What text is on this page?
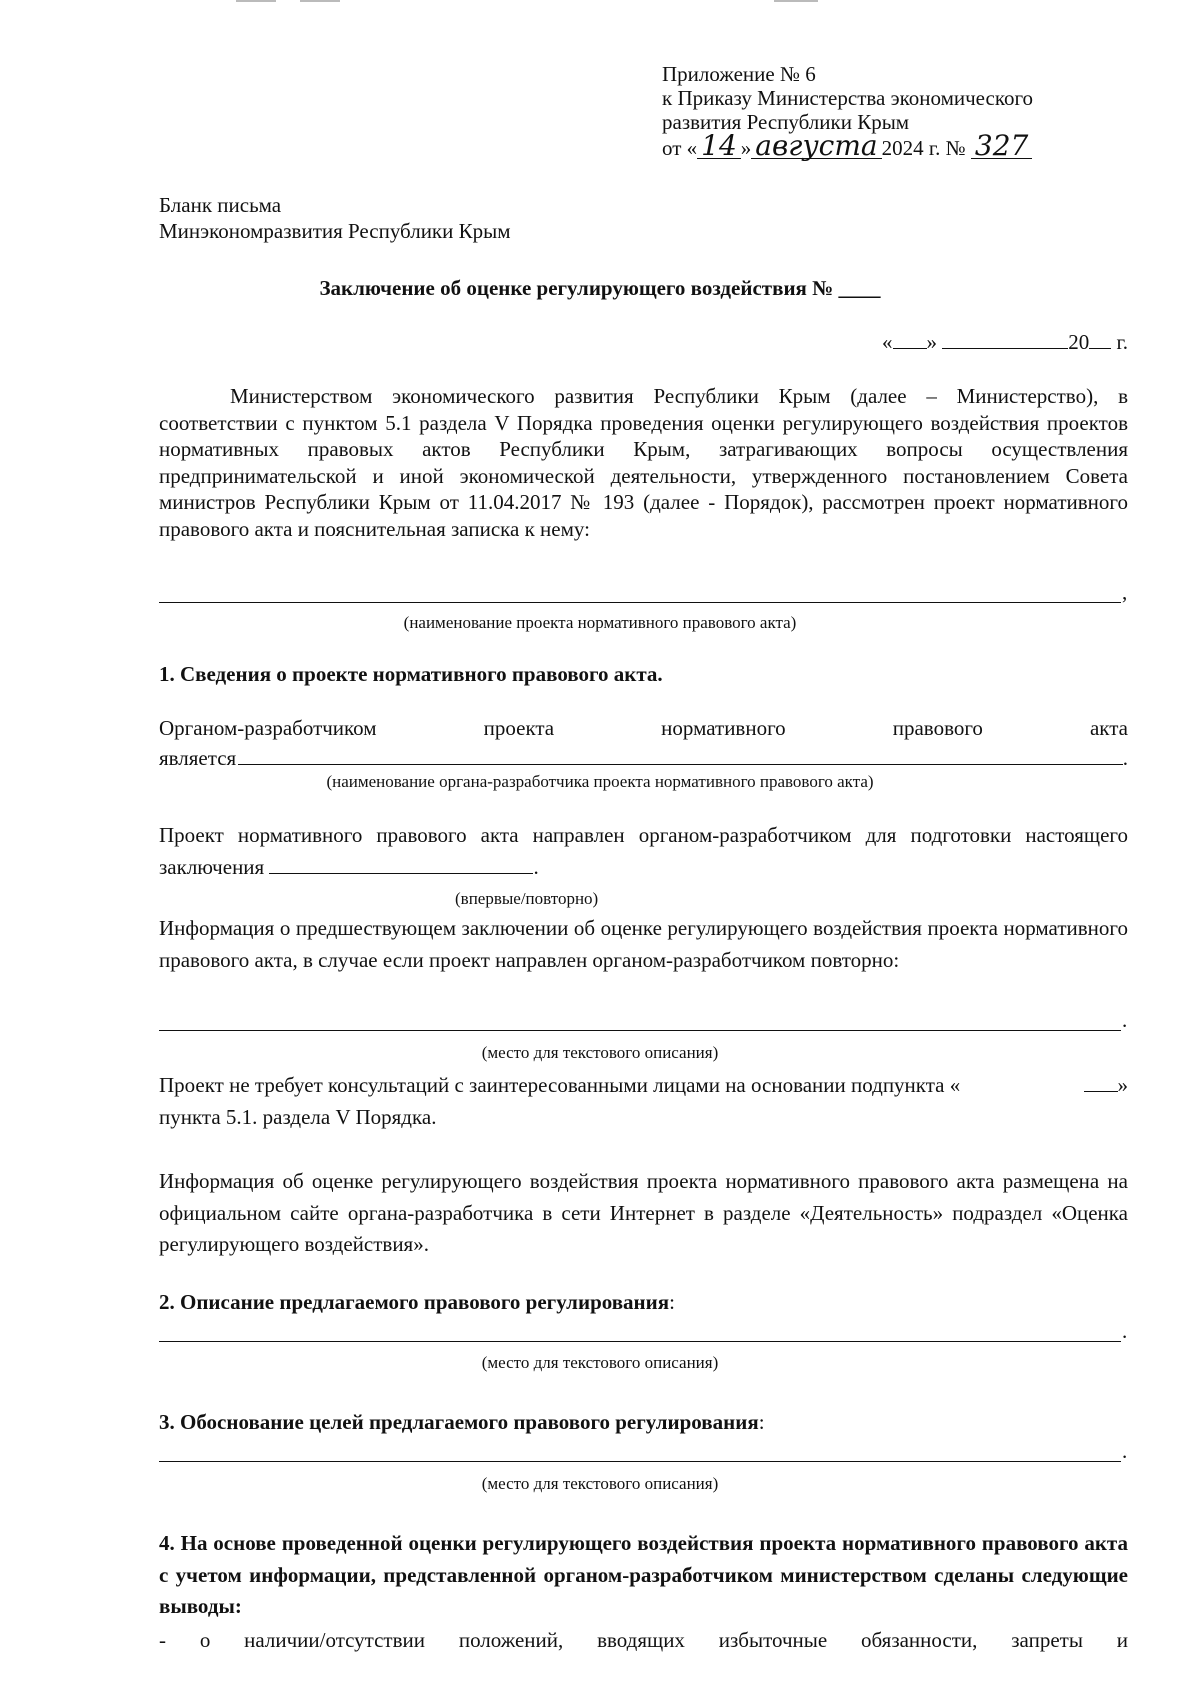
Приложение № 6
к Приказу Министерства экономического
развития Республики Крым
от « 14 » августа 2024 г. № 327
Бланк письма
Минэкономразвития Республики Крым
Заключение об оценке регулирующего воздействия № ____
« »	20 г.
Министерством экономического развития Республики Крым (далее – Министерство), в соответствии с пунктом 5.1 раздела V Порядка проведения оценки регулирующего воздействия проектов нормативных правовых актов Республики Крым, затрагивающих вопросы осуществления предпринимательской и иной экономической деятельности, утвержденного постановлением Совета министров Республики Крым от 11.04.2017 № 193 (далее - Порядок), рассмотрен проект нормативного правового акта и пояснительная записка к нему:
,
(наименование проекта нормативного правового акта)
1. Сведения о проекте нормативного правового акта.
Органом-разработчиком	проекта	нормативного	правового	акта
является	.
(наименование органа-разработчика проекта нормативного правового акта)
Проект нормативного правового акта направлен органом-разработчиком для подготовки настоящего заключения	.
(впервые/повторно)
Информация о предшествующем заключении об оценке регулирующего воздействия проекта нормативного правового акта, в случае если проект направлен органом-разработчиком повторно:
.
(место для текстового описания)
Проект не требует консультаций с заинтересованными лицами на основании подпункта «	»
пункта 5.1. раздела V Порядка.
Информация об оценке регулирующего воздействия проекта нормативного правового акта размещена на официальном сайте органа-разработчика в сети Интернет в разделе «Деятельность» подраздел «Оценка регулирующего воздействия».
2. Описание предлагаемого правового регулирования:
.
(место для текстового описания)
3. Обоснование целей предлагаемого правового регулирования:
.
(место для текстового описания)
4. На основе проведенной оценки регулирующего воздействия проекта нормативного правового акта с учетом информации, представленной органом-разработчиком министерством сделаны следующие выводы:
- о наличии/отсутствии положений, вводящих избыточные обязанности, запреты и
